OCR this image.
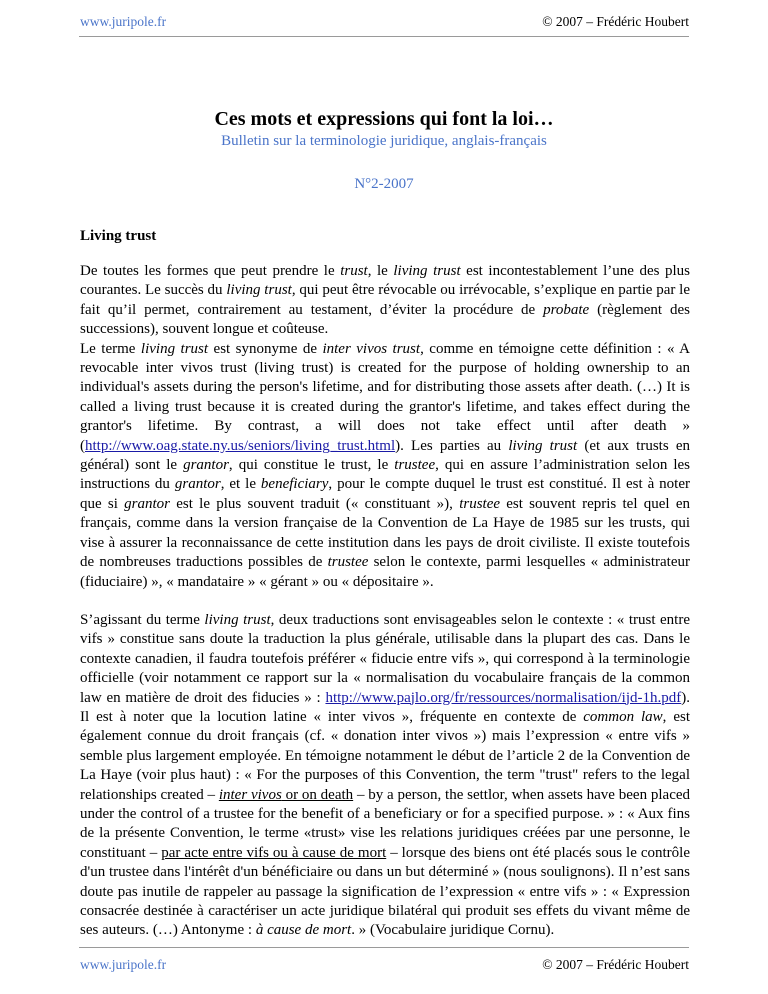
www.juripole.fr	© 2007 – Frédéric Houbert
Ces mots et expressions qui font la loi…
Bulletin sur la terminologie juridique, anglais-français
N°2-2007
Living trust

De toutes les formes que peut prendre le trust, le living trust est incontestablement l’une des plus courantes. Le succès du living trust, qui peut être révocable ou irrévocable, s’explique en partie par le fait qu’il permet, contrairement au testament, d’éviter la procédure de probate (règlement des successions), souvent longue et coûteuse.

Le terme living trust est synonyme de inter vivos trust, comme en témoigne cette définition : « A revocable inter vivos trust (living trust) is created for the purpose of holding ownership to an individual's assets during the person's lifetime, and for distributing those assets after death. (…) It is called a living trust because it is created during the grantor's lifetime, and takes effect during the grantor's lifetime. By contrast, a will does not take effect until after death » (http://www.oag.state.ny.us/seniors/living_trust.html). Les parties au living trust (et aux trusts en général) sont le grantor, qui constitue le trust, le trustee, qui en assure l’administration selon les instructions du grantor, et le beneficiary, pour le compte duquel le trust est constitué. Il est à noter que si grantor est le plus souvent traduit (« constituant »), trustee est souvent repris tel quel en français, comme dans la version française de la Convention de La Haye de 1985 sur les trusts, qui vise à assurer la reconnaissance de cette institution dans les pays de droit civiliste. Il existe toutefois de nombreuses traductions possibles de trustee selon le contexte, parmi lesquelles « administrateur (fiduciaire) », « mandataire » « gérant » ou « dépositaire ».

S’agissant du terme living trust, deux traductions sont envisageables selon le contexte : « trust entre vifs » constitue sans doute la traduction la plus générale, utilisable dans la plupart des cas. Dans le contexte canadien, il faudra toutefois préférer « fiducie entre vifs », qui correspond à la terminologie officielle (voir notamment ce rapport sur la « normalisation du vocabulaire français de la common law en matière de droit des fiducies » : http://www.pajlo.org/fr/ressources/normalisation/ijd-1h.pdf). Il est à noter que la locution latine « inter vivos », fréquente en contexte de common law, est également connue du droit français (cf. « donation inter vivos ») mais l’expression « entre vifs » semble plus largement employée. En témoigne notamment le début de l’article 2 de la Convention de La Haye (voir plus haut) : « For the purposes of this Convention, the term "trust" refers to the legal relationships created – inter vivos or on death – by a person, the settlor, when assets have been placed under the control of a trustee for the benefit of a beneficiary or for a specified purpose. » : « Aux fins de la présente Convention, le terme «trust» vise les relations juridiques créées par une personne, le constituant – par acte entre vifs ou à cause de mort – lorsque des biens ont été placés sous le contrôle d'un trustee dans l'intérêt d'un bénéficiaire ou dans un but déterminé » (nous soulignons). Il n’est sans doute pas inutile de rappeler au passage la signification de l’expression « entre vifs » : « Expression consacrée destinée à caractériser un acte juridique bilatéral qui produit ses effets du vivant même de ses auteurs. (…) Antonyme : à cause de mort. » (Vocabulaire juridique Cornu).

www.juripole.fr	© 2007 – Frédéric Houbert
